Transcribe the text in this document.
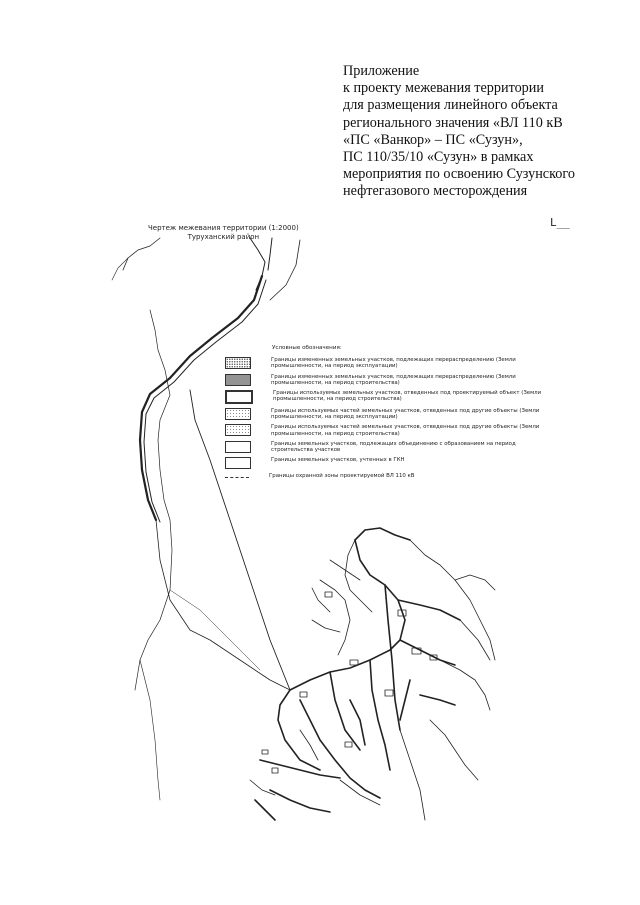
Приложение
к проекту межевания территории
для размещения линейного объекта
регионального значения «ВЛ 110 кВ
«ПС «Ванкор» – ПС «Сузун»,
ПС 110/35/10 «Сузун» в рамках
мероприятия по освоению Сузунского
нефтегазового месторождения
L__
Чертеж межевания территории (1:2000)
Туруханский район
Условные обозначения:
Границы измененных земельных участков, подлежащих перераспределению (Земли промышленности, на период эксплуатации)
Границы измененных земельных участков, подлежащих перераспределению (Земли промышленности, на период строительства)
Границы используемых земельных участков, отведенных под проектируемый объект (Земли промышленности, на период строительства)
Границы используемых частей земельных участков, отведенных под другие объекты (Земли промышленности, на период эксплуатации)
Границы используемых частей земельных участков, отведенных под другие объекты (Земли промышленности, на период строительства)
Границы земельных участков, подлежащих объединению с образованием на период строительства участков
Границы земельных участков, учтенных в ГКН
Границы охранной зоны проектируемой ВЛ 110 кВ
